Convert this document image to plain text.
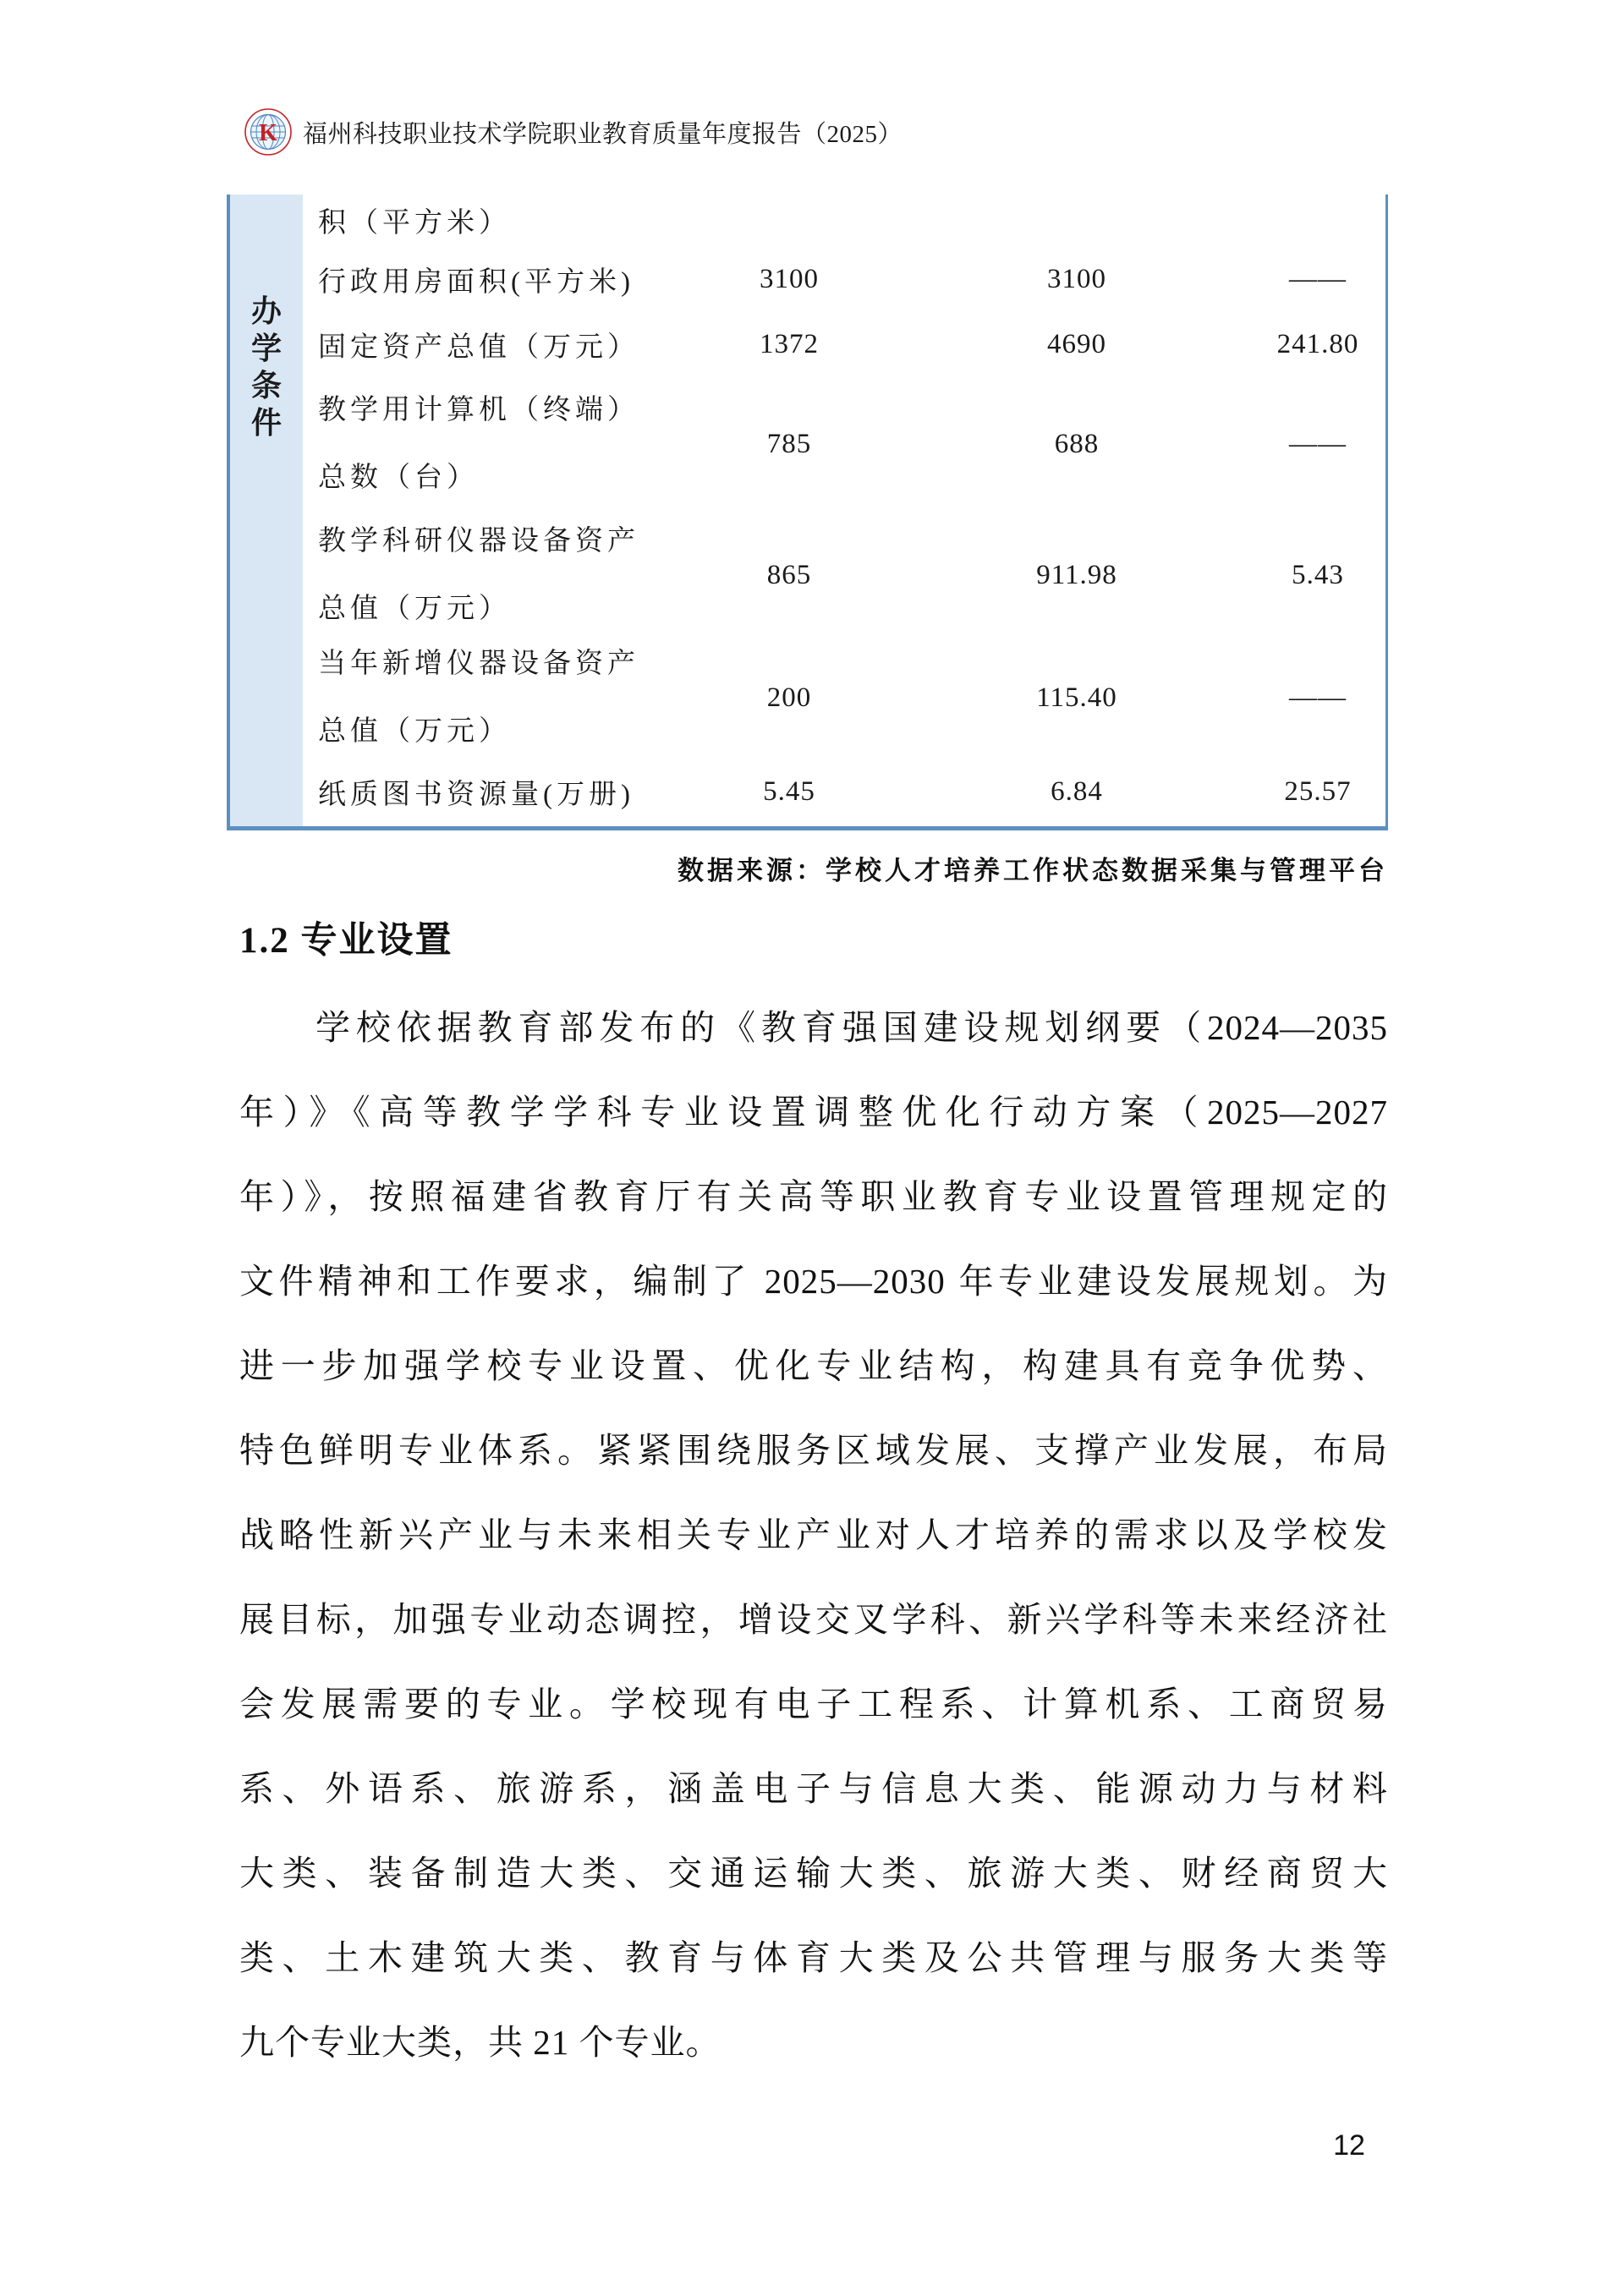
K 福州科技职业技术学院职业教育质量年度报告（2025）
办
学
条
件
积（平方米）
行政用房面积(平方米)	3100	3100	——
固定资产总值（万元）	1372	4690	241.80
教学用计算机（终端）
总数（台）
785	688	——
教学科研仪器设备资产
总值（万元）
865	911.98	5.43
当年新增仪器设备资产
总值（万元）
200	115.40	——
纸质图书资源量(万册)	5.45	6.84	25.57
数据来源：学校人才培养工作状态数据采集与管理平台
1.2 专业设置
学校依据教育部发布的《教育强国建设规划纲要（2024—2035
年）》《高等教学学科专业设置调整优化行动方案（2025—2027
年）》，按照福建省教育厅有关高等职业教育专业设置管理规定的
文件精神和工作要求，编制了 2025—2030 年专业建设发展规划。为
进一步加强学校专业设置、优化专业结构，构建具有竞争优势、
特色鲜明专业体系。紧紧围绕服务区域发展、支撑产业发展，布局
战略性新兴产业与未来相关专业产业对人才培养的需求以及学校发
展目标，加强专业动态调控，增设交叉学科、新兴学科等未来经济社
会发展需要的专业。学校现有电子工程系、计算机系、工商贸易
系、外语系、旅游系，涵盖电子与信息大类、能源动力与材料
大类、装备制造大类、交通运输大类、旅游大类、财经商贸大
类、土木建筑大类、教育与体育大类及公共管理与服务大类等
九个专业大类，共 21 个专业。
12
